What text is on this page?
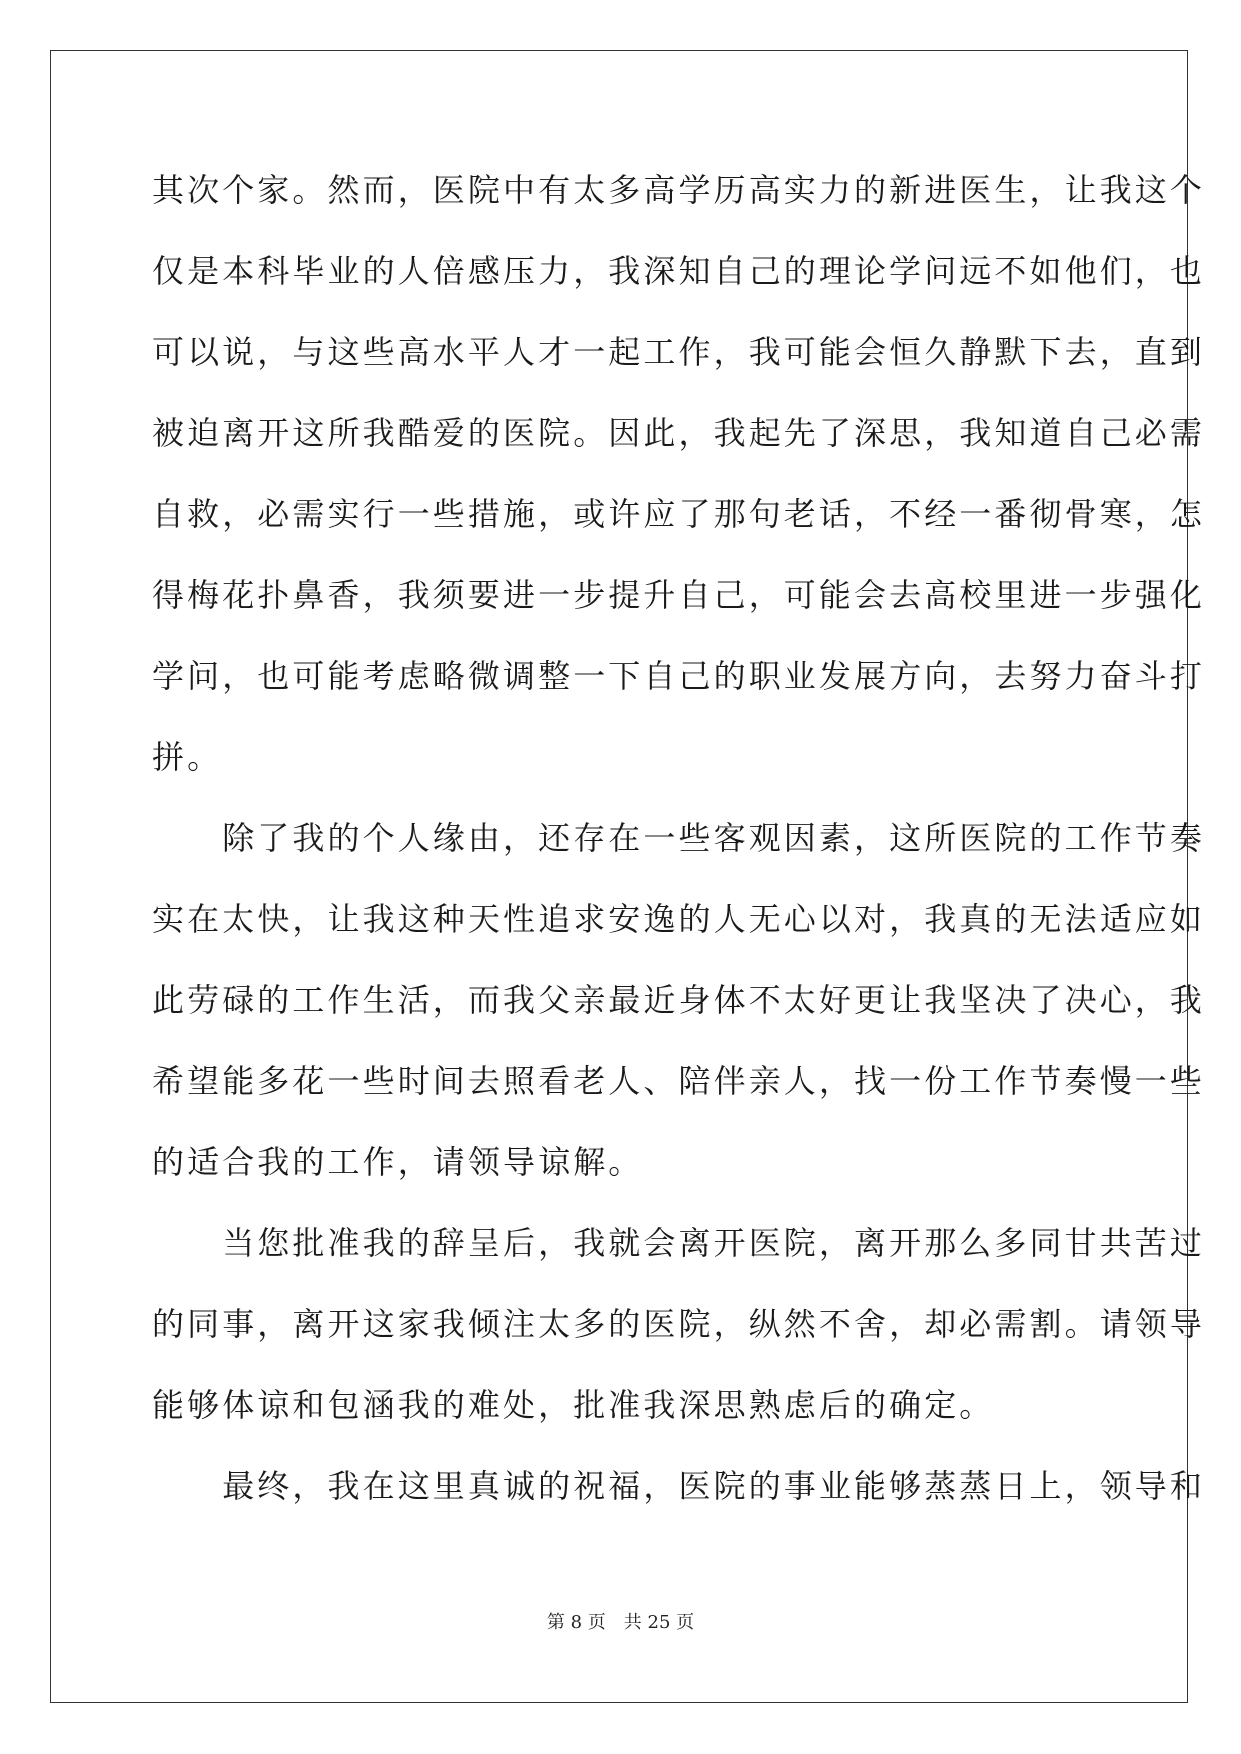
其次个家。然而，医院中有太多高学历高实力的新进医生，让我这个
仅是本科毕业的人倍感压力，我深知自己的理论学问远不如他们，也
可以说，与这些高水平人才一起工作，我可能会恒久静默下去，直到
被迫离开这所我酷爱的医院。因此，我起先了深思，我知道自己必需
自救，必需实行一些措施，或许应了那句老话，不经一番彻骨寒，怎
得梅花扑鼻香，我须要进一步提升自己，可能会去高校里进一步强化
学问，也可能考虑略微调整一下自己的职业发展方向，去努力奋斗打
拼。
　　除了我的个人缘由，还存在一些客观因素，这所医院的工作节奏
实在太快，让我这种天性追求安逸的人无心以对，我真的无法适应如
此劳碌的工作生活，而我父亲最近身体不太好更让我坚决了决心，我
希望能多花一些时间去照看老人、陪伴亲人，找一份工作节奏慢一些
的适合我的工作，请领导谅解。
　　当您批准我的辞呈后，我就会离开医院，离开那么多同甘共苦过
的同事，离开这家我倾注太多的医院，纵然不舍，却必需割。请领导
能够体谅和包涵我的难处，批准我深思熟虑后的确定。
　　最终，我在这里真诚的祝福，医院的事业能够蒸蒸日上，领导和
第 8 页　共 25 页
